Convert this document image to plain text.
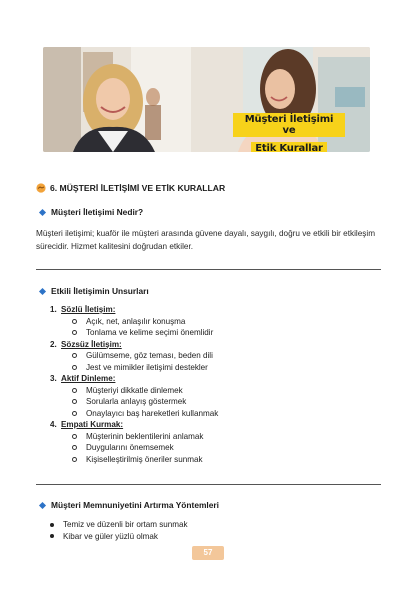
Müşteri İletişimi ve
Etik Kurallar
6. MÜŞTERİ İLETİŞİMİ VE ETİK KURALLAR
Müşteri İletişimi Nedir?
Müşteri iletişimi; kuaför ile müşteri arasında güvene dayalı, saygılı, doğru ve etkili bir etkileşim sürecidir. Hizmet kalitesini doğrudan etkiler.
Etkili İletişimin Unsurları
1. Sözlü İletişim:
Açık, net, anlaşılır konuşma
Tonlama ve kelime seçimi önemlidir
2. Sözsüz İletişim:
Gülümseme, göz teması, beden dili
Jest ve mimikler iletişimi destekler
3. Aktif Dinleme:
Müşteriyi dikkatle dinlemek
Sorularla anlayış göstermek
Onaylayıcı baş hareketleri kullanmak
4. Empati Kurmak:
Müşterinin beklentilerini anlamak
Duygularını önemsemek
Kişiselleştirilmiş öneriler sunmak
Müşteri Memnuniyetini Artırma Yöntemleri
Temiz ve düzenli bir ortam sunmak
Kibar ve güler yüzlü olmak
57
